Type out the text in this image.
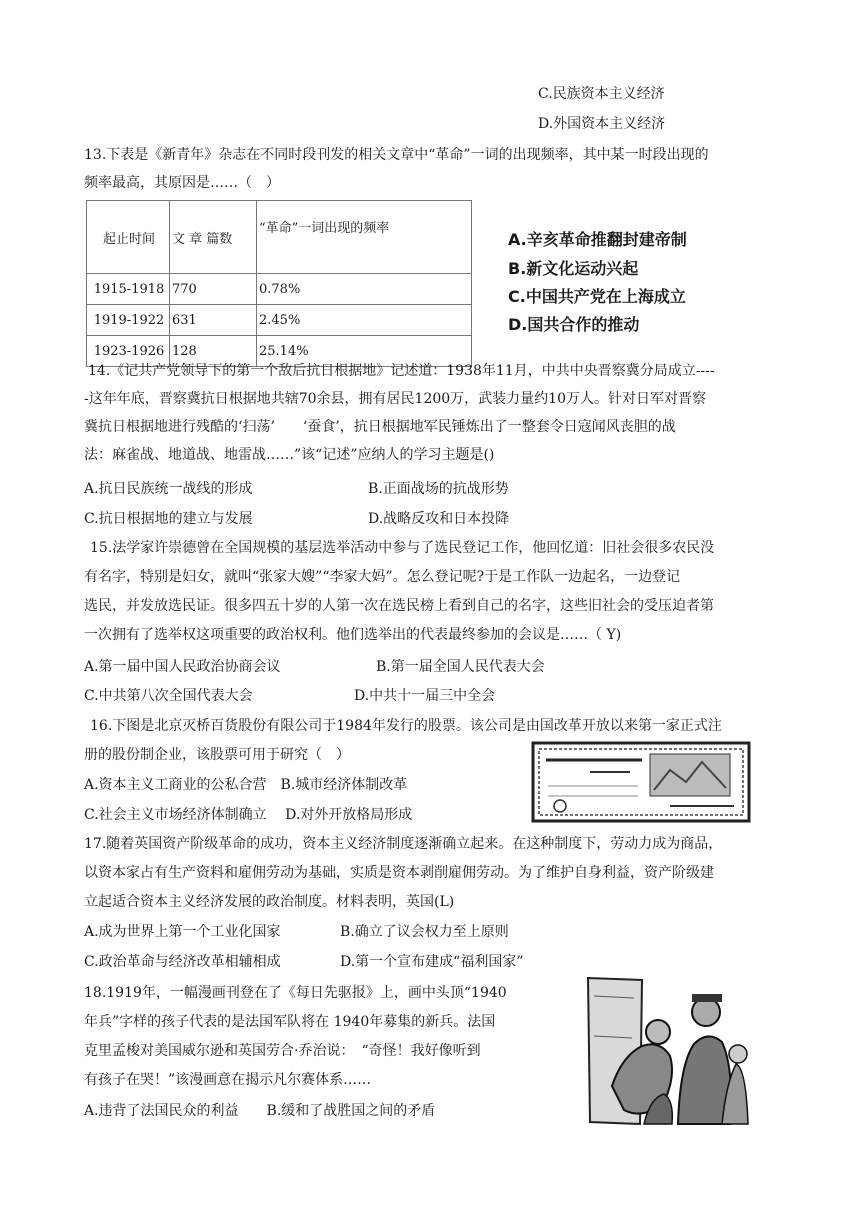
C.民族资本主义经济
D.外国资本主义经济
13.下表是《新青年》杂志在不同时段刊发的相关文章中“革命”一词的出现频率，其中某一时段出现的
频率最高，其原因是……（　）
起止时间	文 章 篇数	“革命”一词出现的频率
1915-1918	770	0.78%
1919-1922	631	2.45%
1923-1926	128	25.14%
A.辛亥革命推翻封建帝制
B.新文化运动兴起
C.中国共产党在上海成立
D.国共合作的推动
14.《记共产党领导下的第一个敌后抗日根据地》记述道：1938年11月，中共中央晋察冀分局成立----
-这年年底，晋察冀抗日根据地共辖70余县，拥有居民1200万，武装力量约10万人。针对日军对晋察
冀抗日根据地进行残酷的‘扫荡’　　‘蚕食’，抗日根据地军民锤炼出了一整套令日寇闻风丧胆的战
法：麻雀战、地道战、地雷战……”该“记述”应纳人的学习主题是()
A.抗日民族统一战线的形成	B.正面战场的抗战形势
C.抗日根据地的建立与发展	D.战略反攻和日本投降
15.法学家许崇德曾在全国规模的基层选举活动中参与了选民登记工作，他回忆道：旧社会很多农民没
有名字，特别是妇女，就叫“张家大嫂”“李家大妈”。怎么登记呢?于是工作队一边起名，一边登记
选民，并发放选民证。很多四五十岁的人第一次在选民榜上看到自己的名字，这些旧社会的受压迫者第
一次拥有了选举权这项重要的政治权利。他们选举出的代表最终参加的会议是……（ Y)
A.第一届中国人民政治协商会议	B.第一届全国人民代表大会
C.中共第八次全国代表大会	D.中共十一届三中全会
16.下图是北京灭桥百货股份有限公司于1984年发行的股票。该公司是由国改革开放以来第一家正式注
册的股份制企业，该股票可用于研究（　）
A.资本主义工商业的公私合营　B.城市经济体制改革
C.社会主义市场经济体制确立　 D.对外开放格局形成
17.随着英国资产阶级革命的成功，资本主义经济制度逐渐确立起来。在这种制度下，劳动力成为商品，
以资本家占有生产资料和雇佣劳动为基础，实质是资本剥削雇佣劳动。为了维护自身利益，资产阶级建
立起适合资本主义经济发展的政治制度。材料表明，英国(L)
A.成为世界上第一个工业化国家	B.确立了议会权力至上原则
C.政治革命与经济改革相辅相成	D.第一个宣布建成“福利国家”
18.1919年，一幅漫画刊登在了《每日先驱报》上，画中头顶“1940
年兵”字样的孩子代表的是法国军队将在 1940年募集的新兵。法国
克里孟梭对美国威尔逊和英国劳合·乔治说：　“奇怪！我好像听到
有孩子在哭！”该漫画意在揭示凡尔赛体系……
A.违背了法国民众的利益　　B.缓和了战胜国之间的矛盾
